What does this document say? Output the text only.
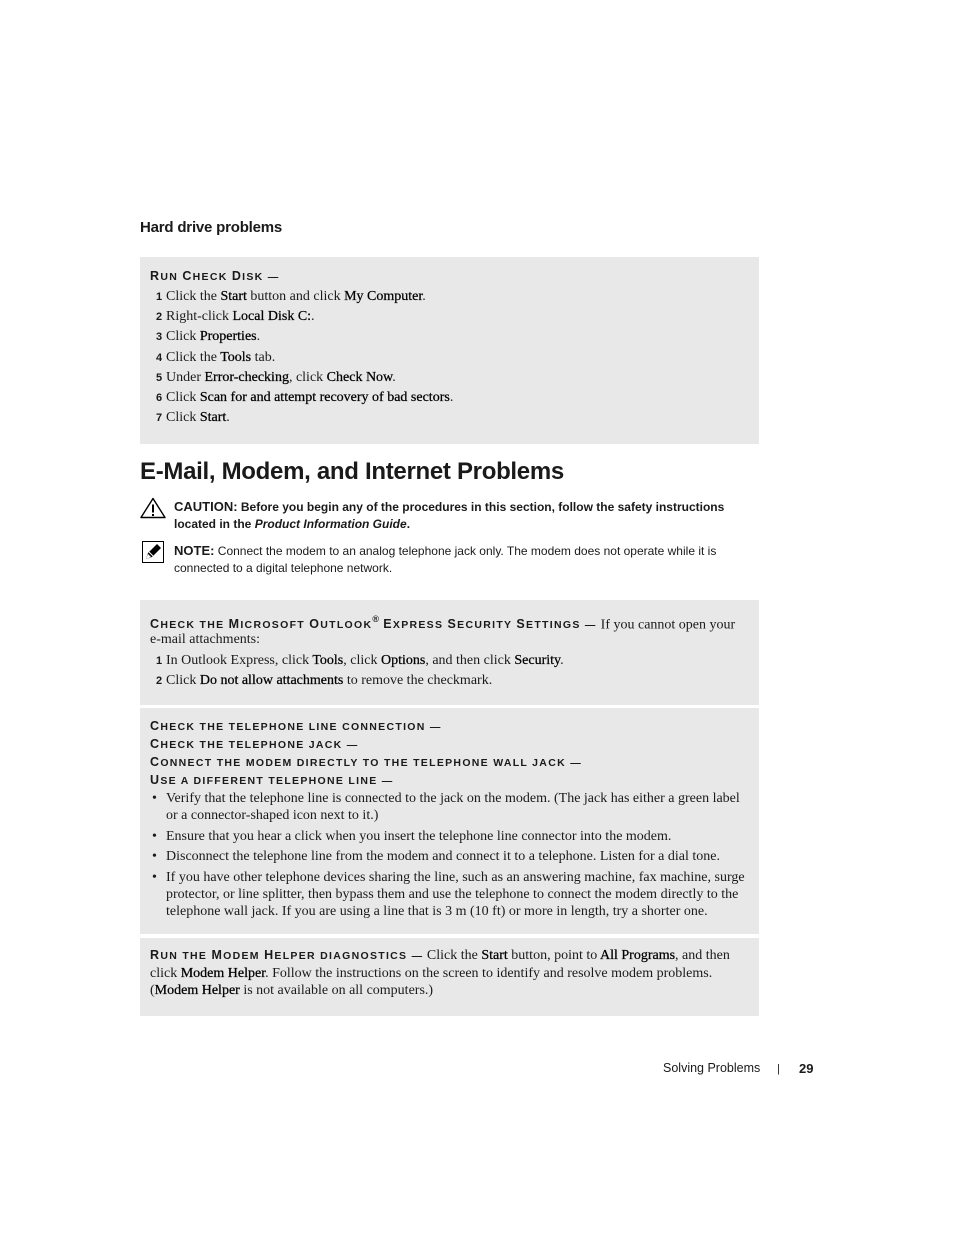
Hard drive problems
RUN CHECK DISK —
1 Click the Start button and click My Computer.
2 Right-click Local Disk C:.
3 Click Properties.
4 Click the Tools tab.
5 Under Error-checking, click Check Now.
6 Click Scan for and attempt recovery of bad sectors.
7 Click Start.
E-Mail, Modem, and Internet Problems
CAUTION: Before you begin any of the procedures in this section, follow the safety instructions
located in the Product Information Guide.
NOTE: Connect the modem to an analog telephone jack only. The modem does not operate while it is
connected to a digital telephone network.
CHECK THE MICROSOFT OUTLOOK® EXPRESS SECURITY SETTINGS — If you cannot open your
e-mail attachments:
1 In Outlook Express, click Tools, click Options, and then click Security.
2 Click Do not allow attachments to remove the checkmark.
CHECK THE TELEPHONE LINE CONNECTION —
CHECK THE TELEPHONE JACK —
CONNECT THE MODEM DIRECTLY TO THE TELEPHONE WALL JACK —
USE A DIFFERENT TELEPHONE LINE —
• Verify that the telephone line is connected to the jack on the modem. (The jack has either a green label
or a connector-shaped icon next to it.)
• Ensure that you hear a click when you insert the telephone line connector into the modem.
• Disconnect the telephone line from the modem and connect it to a telephone. Listen for a dial tone.
• If you have other telephone devices sharing the line, such as an answering machine, fax machine, surge
protector, or line splitter, then bypass them and use the telephone to connect the modem directly to the
telephone wall jack. If you are using a line that is 3 m (10 ft) or more in length, try a shorter one.
RUN THE MODEM HELPER DIAGNOSTICS — Click the Start button, point to All Programs, and then
click Modem Helper. Follow the instructions on the screen to identify and resolve modem problems.
(Modem Helper is not available on all computers.)
Solving Problems | 29
